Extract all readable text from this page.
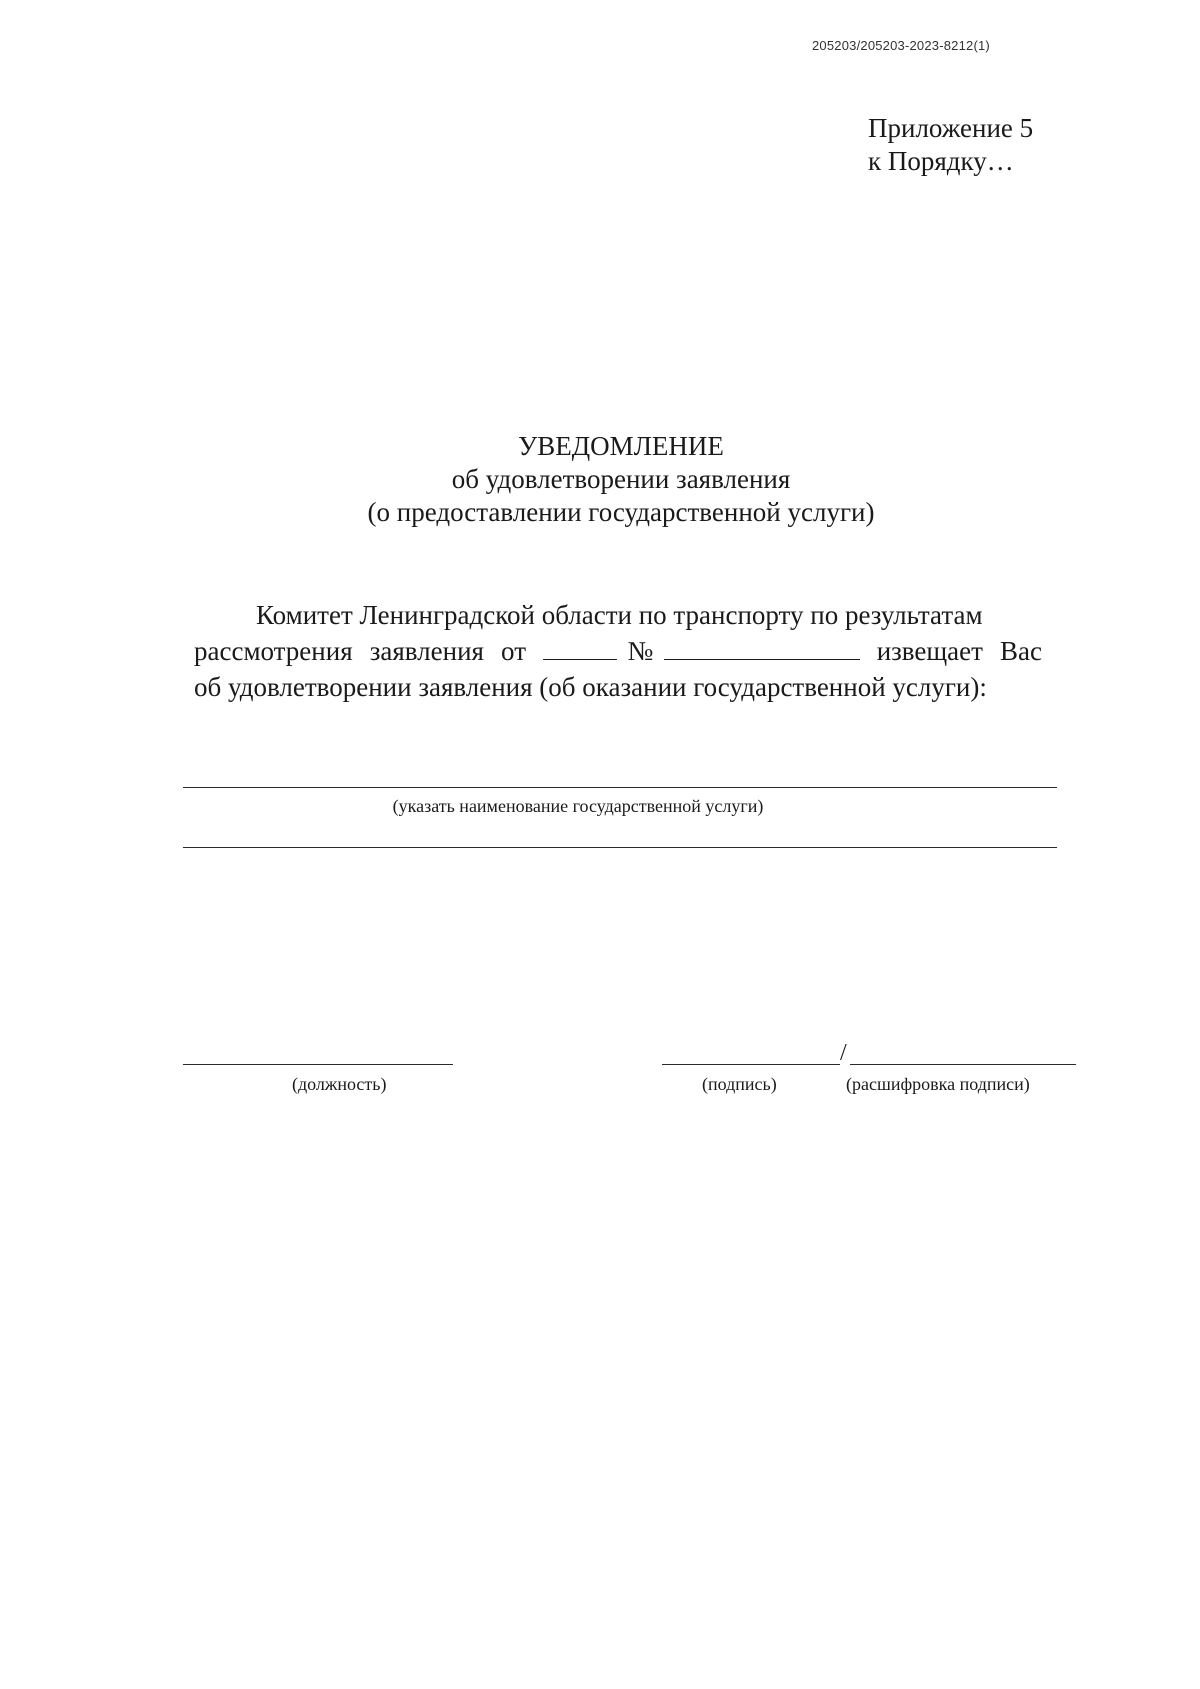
205203/205203-2023-8212(1)
Приложение 5
к Порядку…
УВЕДОМЛЕНИЕ
об удовлетворении заявления
(о предоставлении государственной услуги)
Комитет Ленинградской области по транспорту по результатам
рассмотрения заявления от	№	извещает Вас
об удовлетворении заявления (об оказании государственной услуги):
(указать наименование государственной услуги)
(должность)
/
(подпись)	(расшифровка подписи)
